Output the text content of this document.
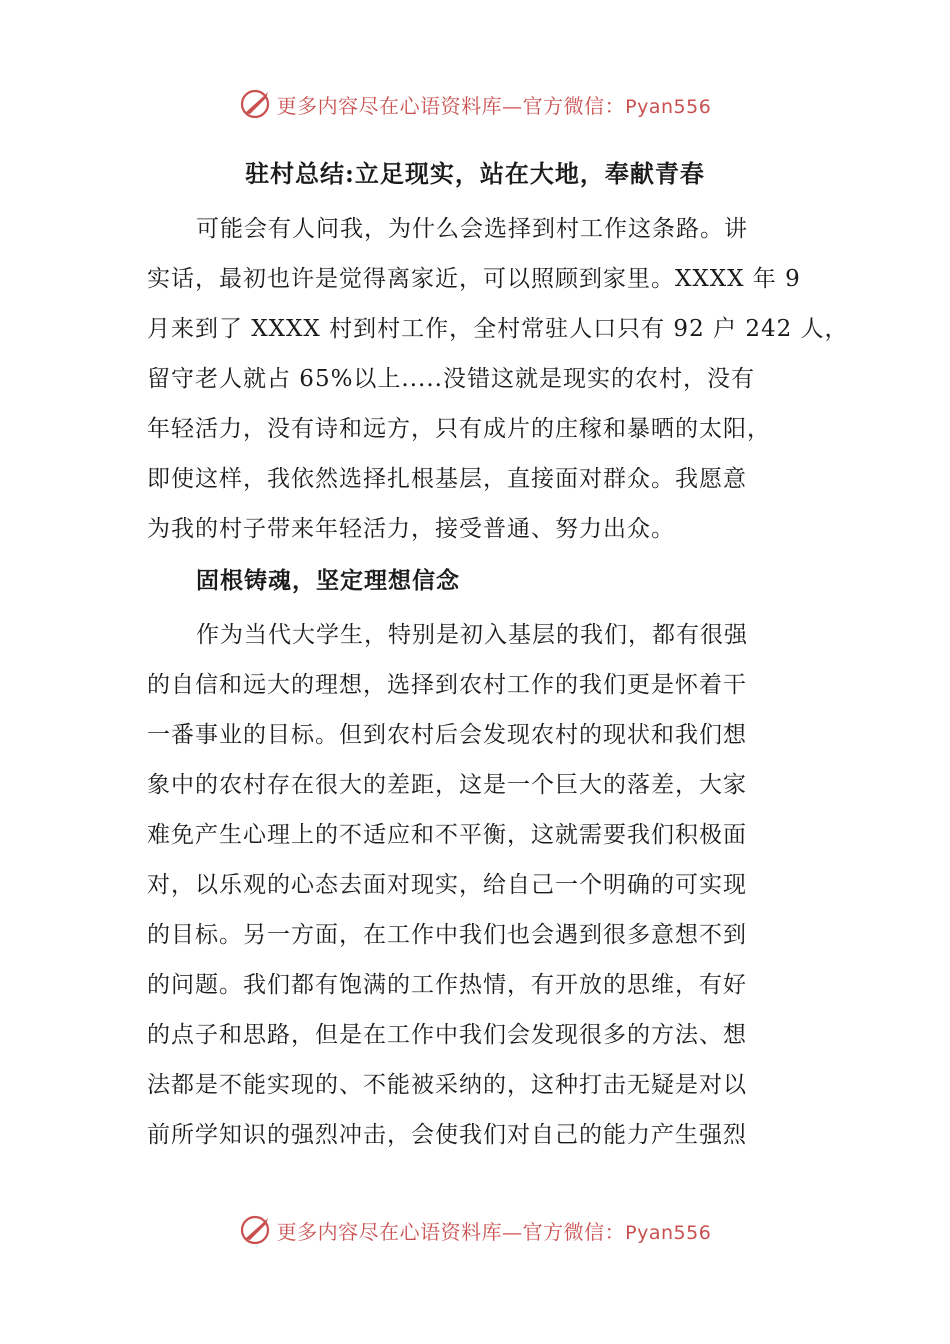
更多内容尽在心语资料库—官方微信：Pyan556
驻村总结:立足现实，站在大地，奉献青春
可能会有人问我，为什么会选择到村工作这条路。讲
实话，最初也许是觉得离家近，可以照顾到家里。XXXX 年 9
月来到了 XXXX 村到村工作，全村常驻人口只有 92 户 242 人，
留守老人就占 65%以上.....没错这就是现实的农村，没有
年轻活力，没有诗和远方，只有成片的庄稼和暴晒的太阳，
即使这样，我依然选择扎根基层，直接面对群众。我愿意
为我的村子带来年轻活力，接受普通、努力出众。
固根铸魂，坚定理想信念
作为当代大学生，特别是初入基层的我们，都有很强
的自信和远大的理想，选择到农村工作的我们更是怀着干
一番事业的目标。但到农村后会发现农村的现状和我们想
象中的农村存在很大的差距，这是一个巨大的落差，大家
难免产生心理上的不适应和不平衡，这就需要我们积极面
对，以乐观的心态去面对现实，给自己一个明确的可实现
的目标。另一方面，在工作中我们也会遇到很多意想不到
的问题。我们都有饱满的工作热情，有开放的思维，有好
的点子和思路，但是在工作中我们会发现很多的方法、想
法都是不能实现的、不能被采纳的，这种打击无疑是对以
前所学知识的强烈冲击，会使我们对自己的能力产生强烈
更多内容尽在心语资料库—官方微信：Pyan556
